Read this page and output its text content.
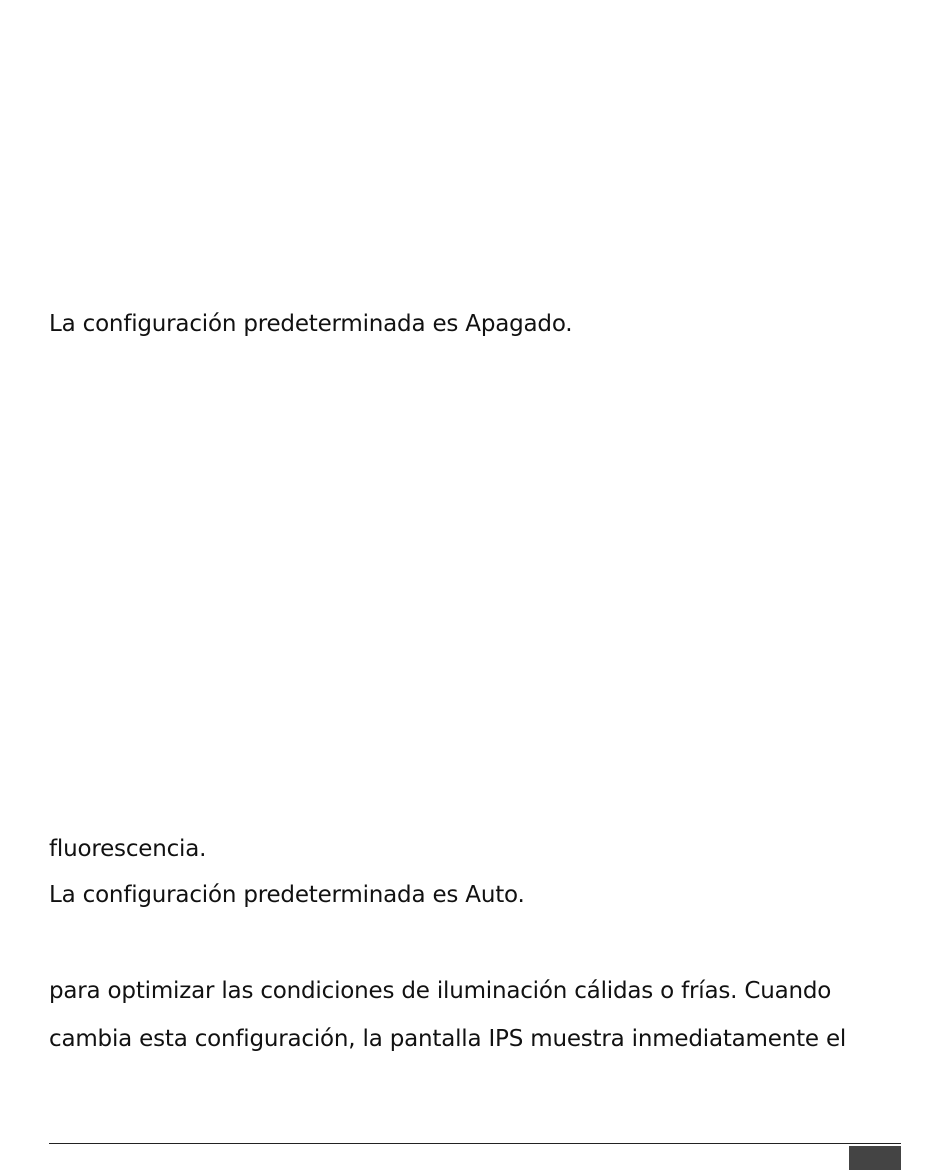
La configuración predeterminada es Apagado.

fluorescencia.

La configuración predeterminada es Auto.

para optimizar las condiciones de iluminación cálidas o frías. Cuando

cambia esta configuración, la pantalla IPS muestra inmediatamente el
